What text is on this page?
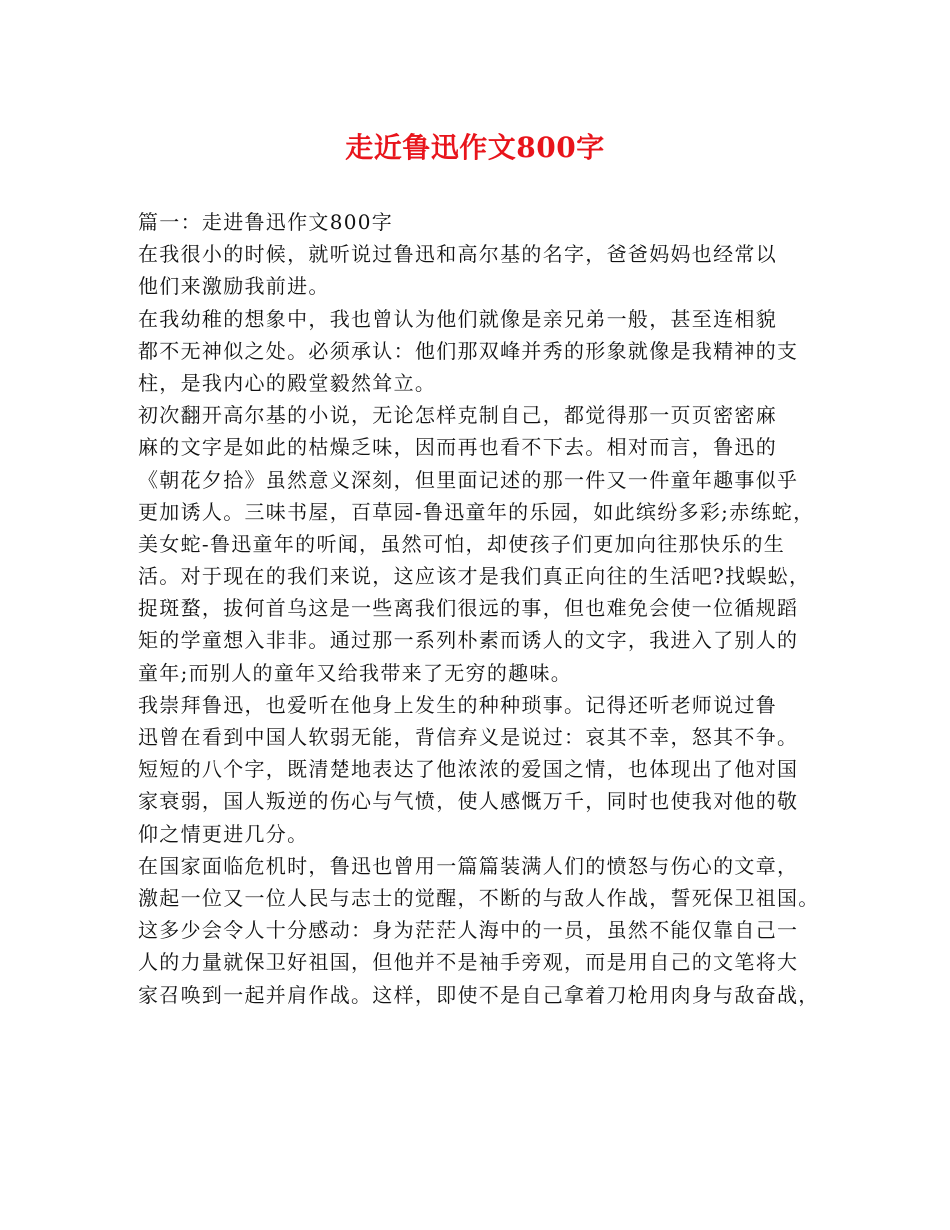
走近鲁迅作文800字
篇一：走进鲁迅作文800字
在我很小的时候，就听说过鲁迅和高尔基的名字，爸爸妈妈也经常以
他们来激励我前进。
在我幼稚的想象中，我也曾认为他们就像是亲兄弟一般，甚至连相貌
都不无神似之处。必须承认：他们那双峰并秀的形象就像是我精神的支
柱，是我内心的殿堂毅然耸立。
初次翻开高尔基的小说，无论怎样克制自己，都觉得那一页页密密麻
麻的文字是如此的枯燥乏味，因而再也看不下去。相对而言，鲁迅的
《朝花夕拾》虽然意义深刻，但里面记述的那一件又一件童年趣事似乎
更加诱人。三味书屋，百草园-鲁迅童年的乐园，如此缤纷多彩;赤练蛇，
美女蛇-鲁迅童年的听闻，虽然可怕，却使孩子们更加向往那快乐的生
活。对于现在的我们来说，这应该才是我们真正向往的生活吧?找蜈蚣，
捉斑蝥，拔何首乌这是一些离我们很远的事，但也难免会使一位循规蹈
矩的学童想入非非。通过那一系列朴素而诱人的文字，我进入了别人的
童年;而别人的童年又给我带来了无穷的趣味。
我崇拜鲁迅，也爱听在他身上发生的种种琐事。记得还听老师说过鲁
迅曾在看到中国人软弱无能，背信弃义是说过：哀其不幸，怒其不争。
短短的八个字，既清楚地表达了他浓浓的爱国之情，也体现出了他对国
家衰弱，国人叛逆的伤心与气愤，使人感慨万千，同时也使我对他的敬
仰之情更进几分。
在国家面临危机时，鲁迅也曾用一篇篇装满人们的愤怒与伤心的文章，
激起一位又一位人民与志士的觉醒，不断的与敌人作战，誓死保卫祖国。
这多少会令人十分感动：身为茫茫人海中的一员，虽然不能仅靠自己一
人的力量就保卫好祖国，但他并不是袖手旁观，而是用自己的文笔将大
家召唤到一起并肩作战。这样，即使不是自己拿着刀枪用肉身与敌奋战，
